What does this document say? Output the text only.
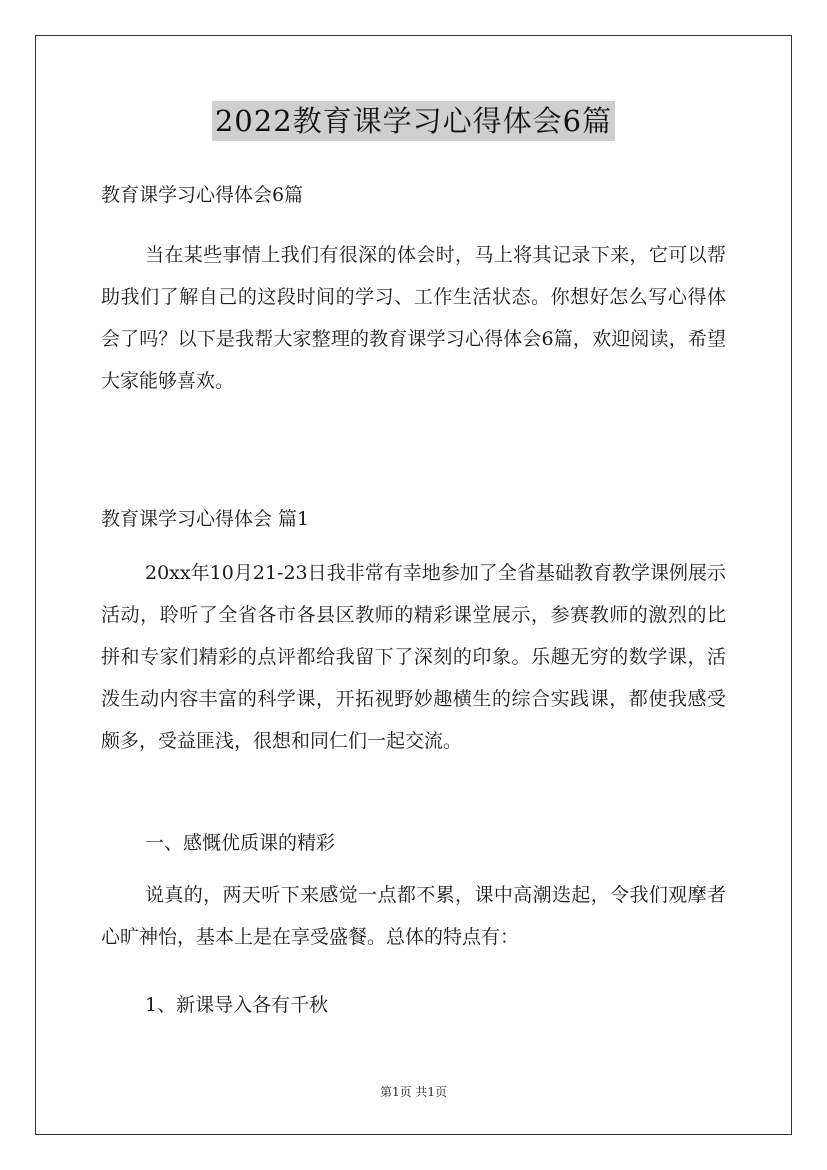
2022教育课学习心得体会6篇
教育课学习心得体会6篇
当在某些事情上我们有很深的体会时，马上将其记录下来，它可以帮助我们了解自己的这段时间的学习、工作生活状态。你想好怎么写心得体会了吗？以下是我帮大家整理的教育课学习心得体会6篇，欢迎阅读，希望大家能够喜欢。
教育课学习心得体会 篇1
20xx年10月21-23日我非常有幸地参加了全省基础教育教学课例展示活动，聆听了全省各市各县区教师的精彩课堂展示，参赛教师的激烈的比拼和专家们精彩的点评都给我留下了深刻的印象。乐趣无穷的数学课，活泼生动内容丰富的科学课，开拓视野妙趣横生的综合实践课，都使我感受颇多，受益匪浅，很想和同仁们一起交流。
一、感慨优质课的精彩
说真的，两天听下来感觉一点都不累，课中高潮迭起，令我们观摩者心旷神怡，基本上是在享受盛餐。总体的特点有：
1、新课导入各有千秋
第1页 共1页
